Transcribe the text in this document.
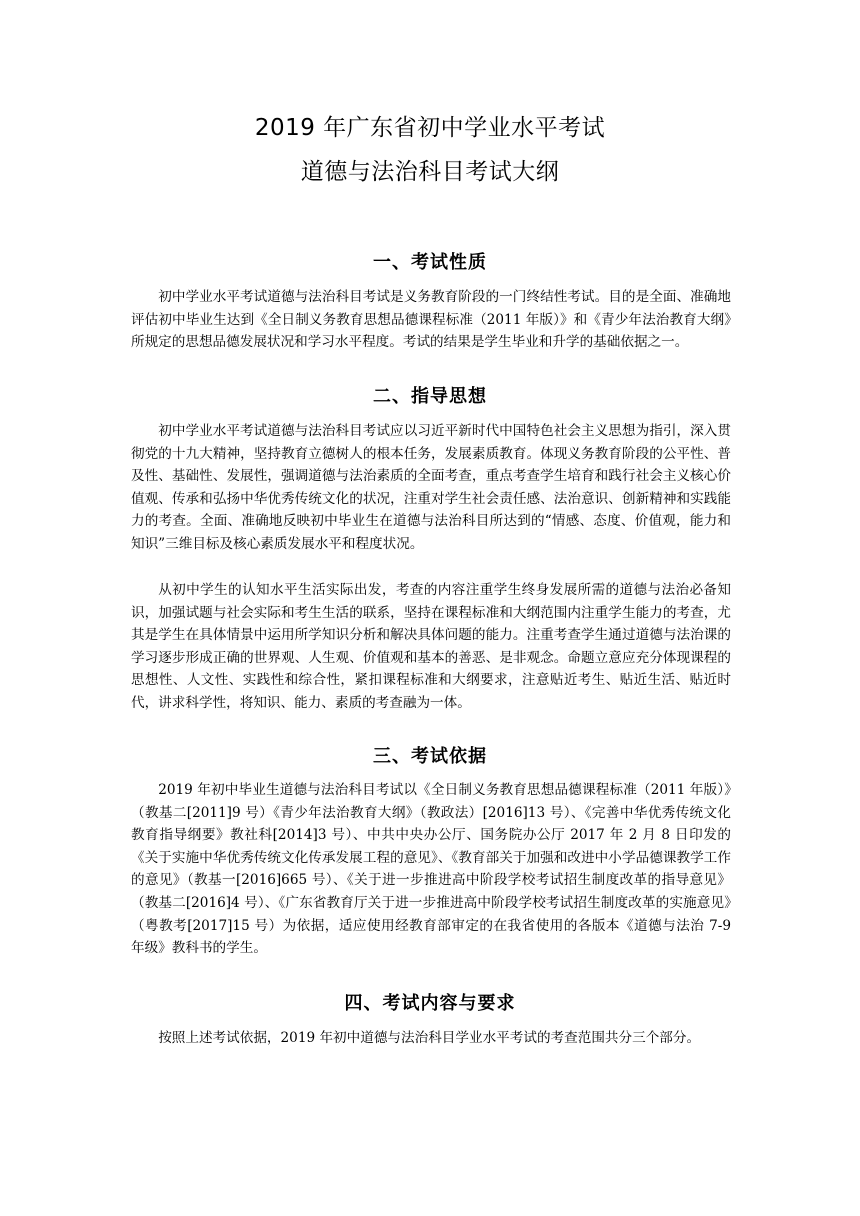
2019 年广东省初中学业水平考试
道德与法治科目考试大纲
一、考试性质

初中学业水平考试道德与法治科目考试是义务教育阶段的一门终结性考试。目的是全面、准确地评估初中毕业生达到《全日制义务教育思想品德课程标准（2011 年版）》和《青少年法治教育大纲》所规定的思想品德发展状况和学习水平程度。考试的结果是学生毕业和升学的基础依据之一。

二、指导思想

初中学业水平考试道德与法治科目考试应以习近平新时代中国特色社会主义思想为指引，深入贯彻党的十九大精神，坚持教育立德树人的根本任务，发展素质教育。体现义务教育阶段的公平性、普及性、基础性、发展性，强调道德与法治素质的全面考查，重点考查学生培育和践行社会主义核心价值观、传承和弘扬中华优秀传统文化的状况，注重对学生社会责任感、法治意识、创新精神和实践能力的考查。全面、准确地反映初中毕业生在道德与法治科目所达到的“情感、态度、价值观，能力和知识”三维目标及核心素质发展水平和程度状况。

从初中学生的认知水平生活实际出发，考查的内容注重学生终身发展所需的道德与法治必备知识，加强试题与社会实际和考生生活的联系，坚持在课程标准和大纲范围内注重学生能力的考查，尤其是学生在具体情景中运用所学知识分析和解决具体问题的能力。注重考查学生通过道德与法治课的学习逐步形成正确的世界观、人生观、价值观和基本的善恶、是非观念。命题立意应充分体现课程的思想性、人文性、实践性和综合性，紧扣课程标准和大纲要求，注意贴近考生、贴近生活、贴近时代，讲求科学性，将知识、能力、素质的考查融为一体。

三、考试依据

2019 年初中毕业生道德与法治科目考试以《全日制义务教育思想品德课程标准（2011 年版）》（教基二[2011]9 号）《青少年法治教育大纲》（教政法）[2016]13 号）、《完善中华优秀传统文化教育指导纲要》教社科[2014]3 号）、中共中央办公厅、国务院办公厅 2017 年 2 月 8 日印发的《关于实施中华优秀传统文化传承发展工程的意见》、《教育部关于加强和改进中小学品德课教学工作的意见》（教基一[2016]665 号）、《关于进一步推进高中阶段学校考试招生制度改革的指导意见》（教基二[2016]4 号）、《广东省教育厅关于进一步推进高中阶段学校考试招生制度改革的实施意见》（粤教考[2017]15 号）为依据，适应使用经教育部审定的在我省使用的各版本《道德与法治 7-9 年级》教科书的学生。

四、考试内容与要求

按照上述考试依据，2019 年初中道德与法治科目学业水平考试的考查范围共分三个部分。
